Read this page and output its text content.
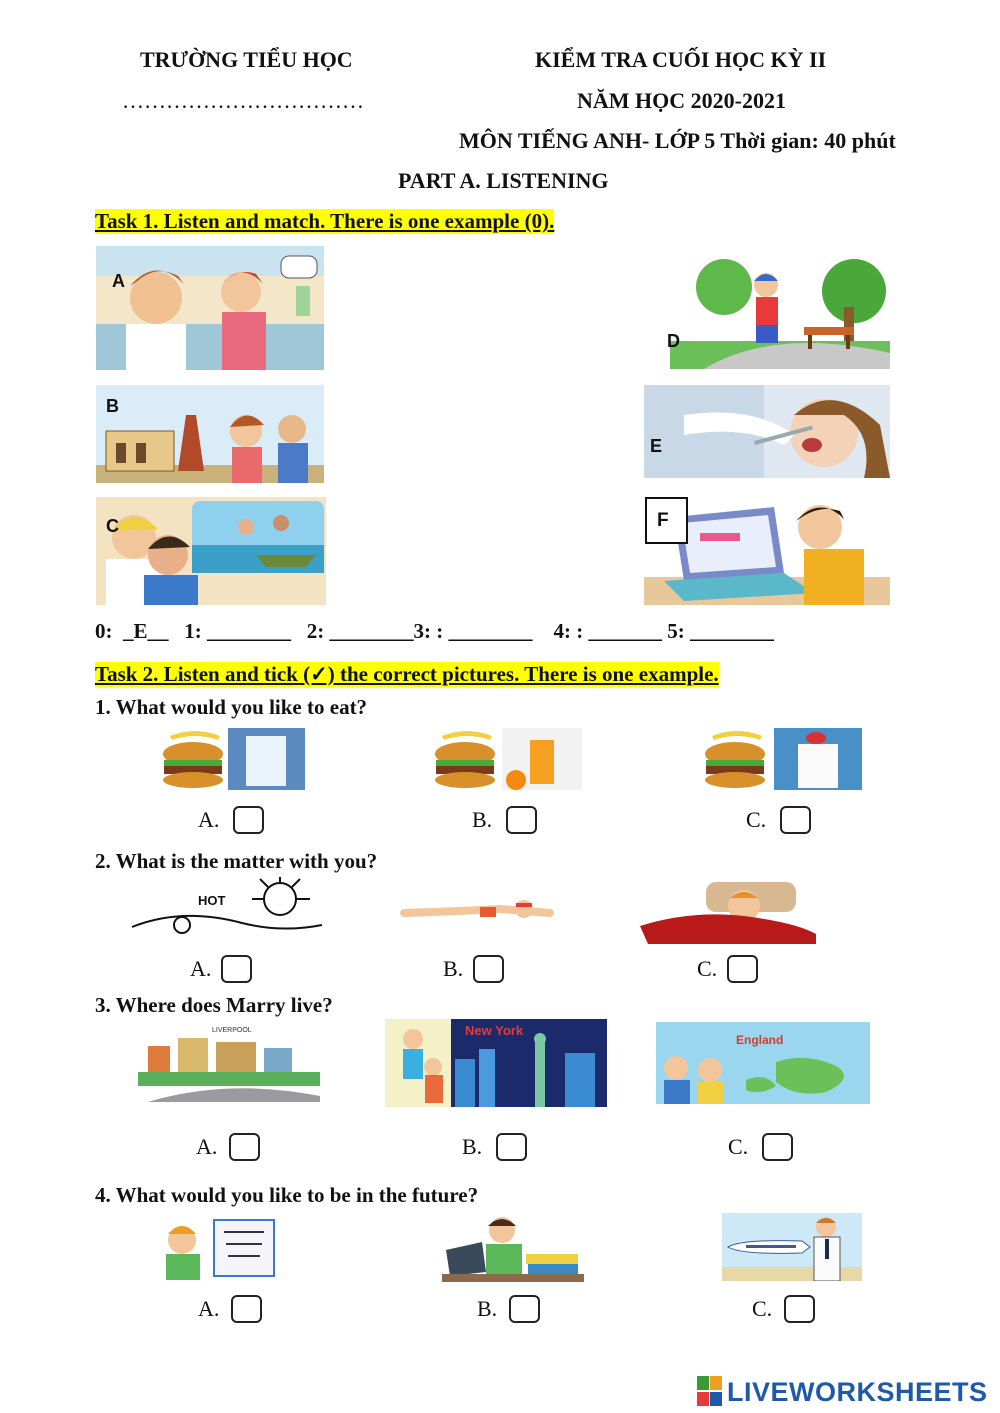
TRƯỜNG TIỂU HỌC
……………………………
KIỂM TRA CUỐI HỌC KỲ II
NĂM HỌC 2020-2021
MÔN TIẾNG ANH- LỚP 5 Thời gian: 40 phút
PART A. LISTENING
Task 1. Listen and match. There is one example (0).
A
B
C
D
E
F
0:  _E__   1: ________   2: ________3: : ________    4: : _______ 5: ________
Task 2. Listen and tick (✓) the correct pictures. There is one example.
1. What would you like to eat?
A.	B.	C.
2. What is the matter with you?
HOT
A.	B.	C.
3. Where does Marry live?
LIVERPOOL	New York
England
A.	B.	C.
4. What would you like to be in the future?
A.	B.	C.
LIVEWORKSHEETS
